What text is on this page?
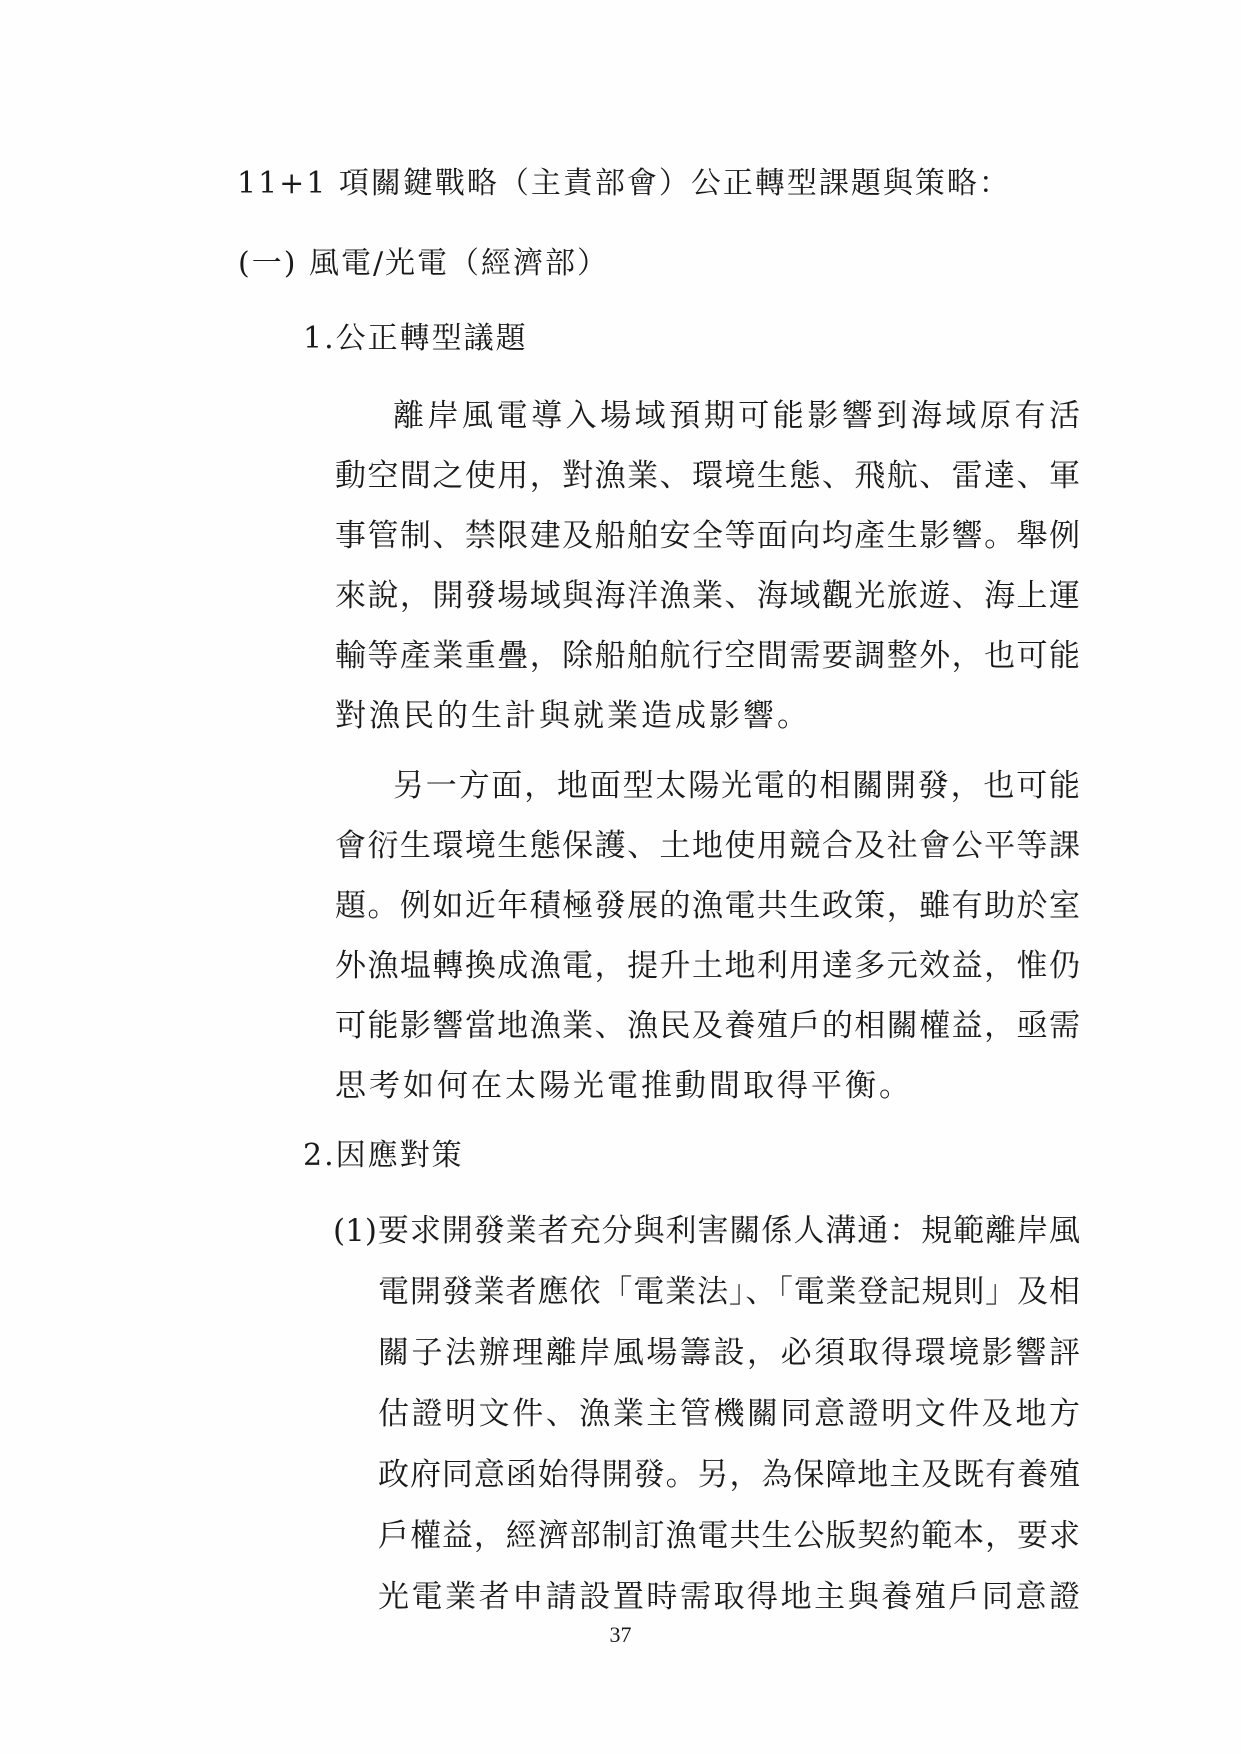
11+1 項關鍵戰略（主責部會）公正轉型課題與策略：
(一) 風電/光電（經濟部）
1.公正轉型議題
離岸風電導入場域預期可能影響到海域原有活
動空間之使用，對漁業、環境生態、飛航、雷達、軍
事管制、禁限建及船舶安全等面向均產生影響。舉例
來說，開發場域與海洋漁業、海域觀光旅遊、海上運
輸等產業重疊，除船舶航行空間需要調整外，也可能
對漁民的生計與就業造成影響。
另一方面，地面型太陽光電的相關開發，也可能
會衍生環境生態保護、土地使用競合及社會公平等課
題。例如近年積極發展的漁電共生政策，雖有助於室
外漁塭轉換成漁電，提升土地利用達多元效益，惟仍
可能影響當地漁業、漁民及養殖戶的相關權益，亟需
思考如何在太陽光電推動間取得平衡。
2.因應對策
(1)要求開發業者充分與利害關係人溝通：規範離岸風
電開發業者應依「電業法」、「電業登記規則」及相
關子法辦理離岸風場籌設，必須取得環境影響評
估證明文件、漁業主管機關同意證明文件及地方
政府同意函始得開發。另，為保障地主及既有養殖
戶權益，經濟部制訂漁電共生公版契約範本，要求
光電業者申請設置時需取得地主與養殖戶同意證
37
